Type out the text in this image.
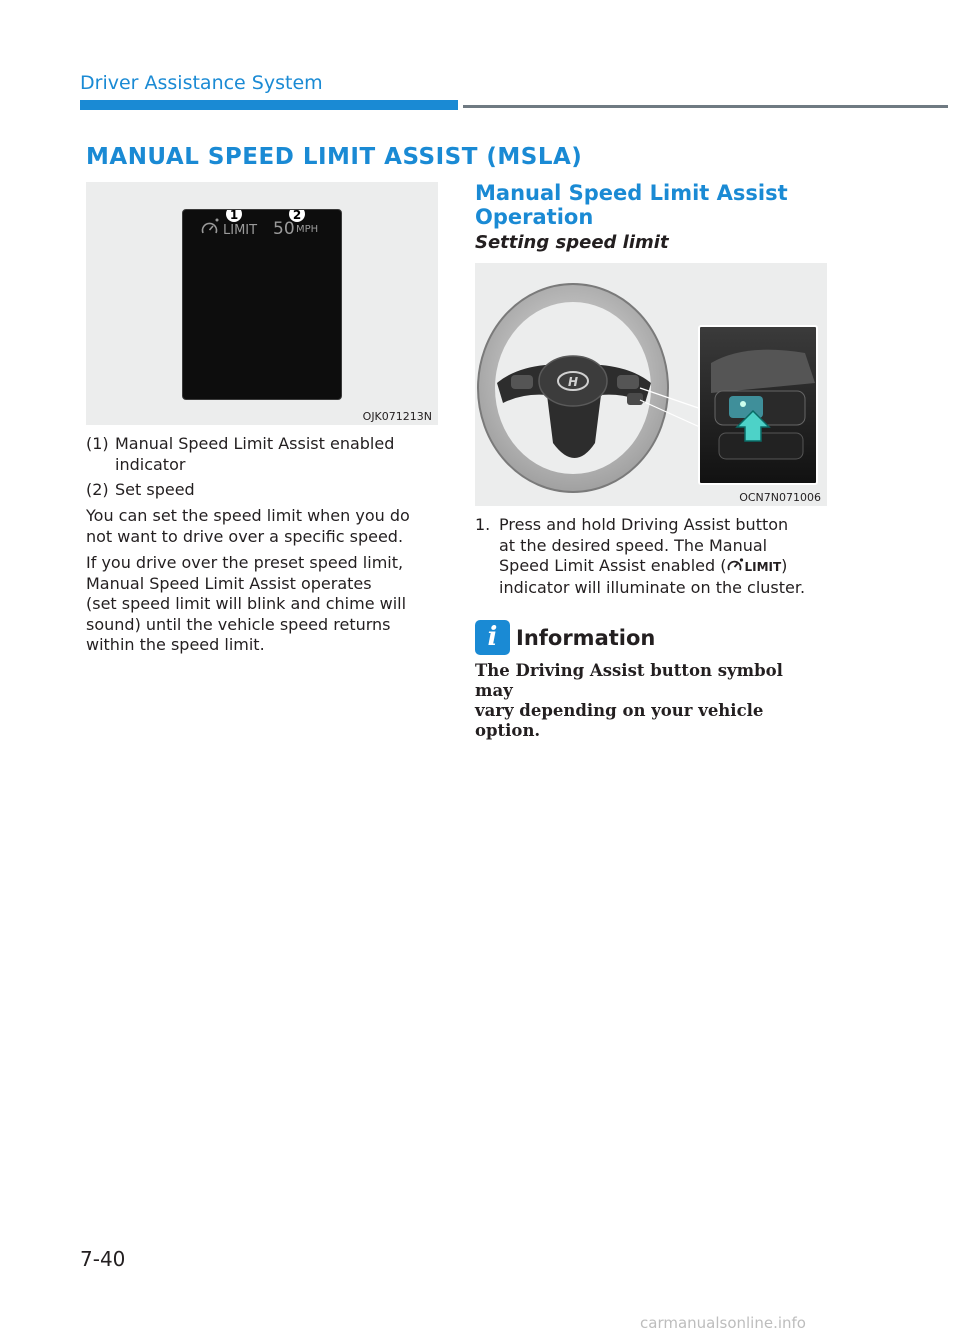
Driver Assistance System
MANUAL SPEED LIMIT ASSIST (MSLA)
LIMIT 50 MPH
1	2
OJK071213N
(1) Manual Speed Limit Assist enabled
indicator
(2) Set speed
You can set the speed limit when you do
not want to drive over a specific speed.
If you drive over the preset speed limit,
Manual Speed Limit Assist operates
(set speed limit will blink and chime will
sound) until the vehicle speed returns
within the speed limit.
Manual Speed Limit Assist
Operation
Setting speed limit
H
OCN7N071006
1. Press and hold Driving Assist button
at the desired speed. The Manual
Speed Limit Assist enabled ( LIMIT)
indicator will illuminate on the cluster.
i Information
The Driving Assist button symbol may
vary depending on your vehicle option.
7-40
carmanualsonline.info
